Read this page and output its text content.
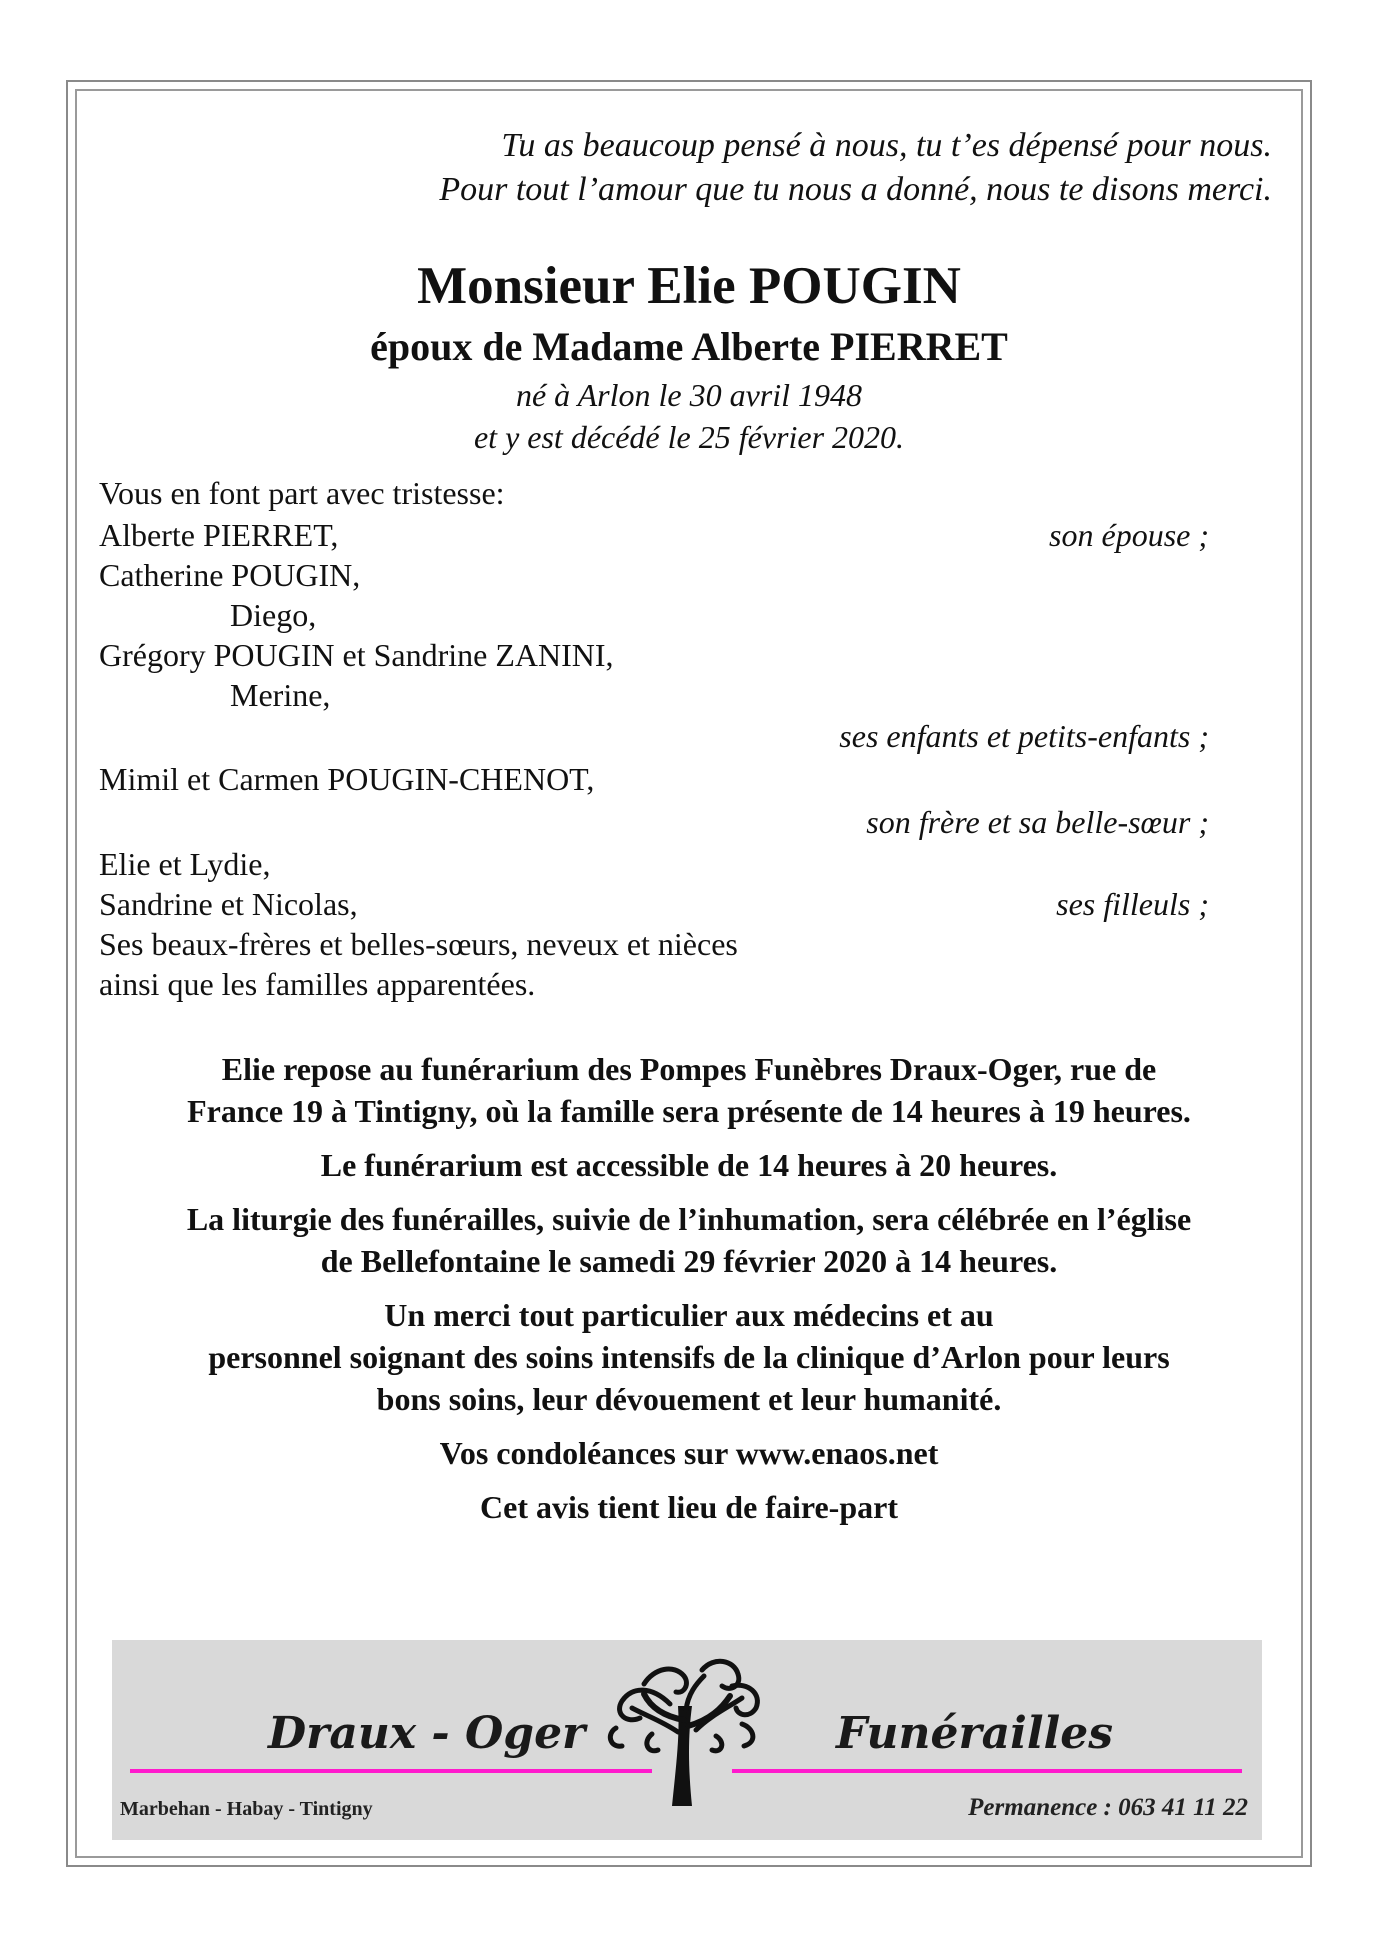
Tu as beaucoup pensé à nous, tu t’es dépensé pour nous.
Pour tout l’amour que tu nous a donné, nous te disons merci.
Monsieur Elie POUGIN
époux de Madame Alberte PIERRET
né à Arlon le 30 avril 1948
et y est décédé le 25 février 2020.
Vous en font part avec tristesse:
Alberte PIERRET,	son épouse ;
Catherine POUGIN,
Diego,
Grégory POUGIN et Sandrine ZANINI,
Merine,
ses enfants et petits-enfants ;
Mimil et Carmen POUGIN-CHENOT,
son frère et sa belle-sœur ;
Elie et Lydie,
Sandrine et Nicolas,	ses filleuls ;
Ses beaux-frères et belles-sœurs, neveux et nièces
ainsi que les familles apparentées.
Elie repose au funérarium des Pompes Funèbres Draux-Oger, rue de
France 19 à Tintigny, où la famille sera présente de 14 heures à 19 heures.
Le funérarium est accessible de 14 heures à 20 heures.
La liturgie des funérailles, suivie de l’inhumation, sera célébrée en l’église
de Bellefontaine le samedi 29 février 2020 à 14 heures.
Un merci tout particulier aux médecins et au
personnel soignant des soins intensifs de la clinique d’Arlon pour leurs
bons soins, leur dévouement et leur humanité.
Vos condoléances sur www.enaos.net
Cet avis tient lieu de faire-part
Draux - Oger	Funérailles
Marbehan - Habay - Tintigny	Permanence : 063 41 11 22
